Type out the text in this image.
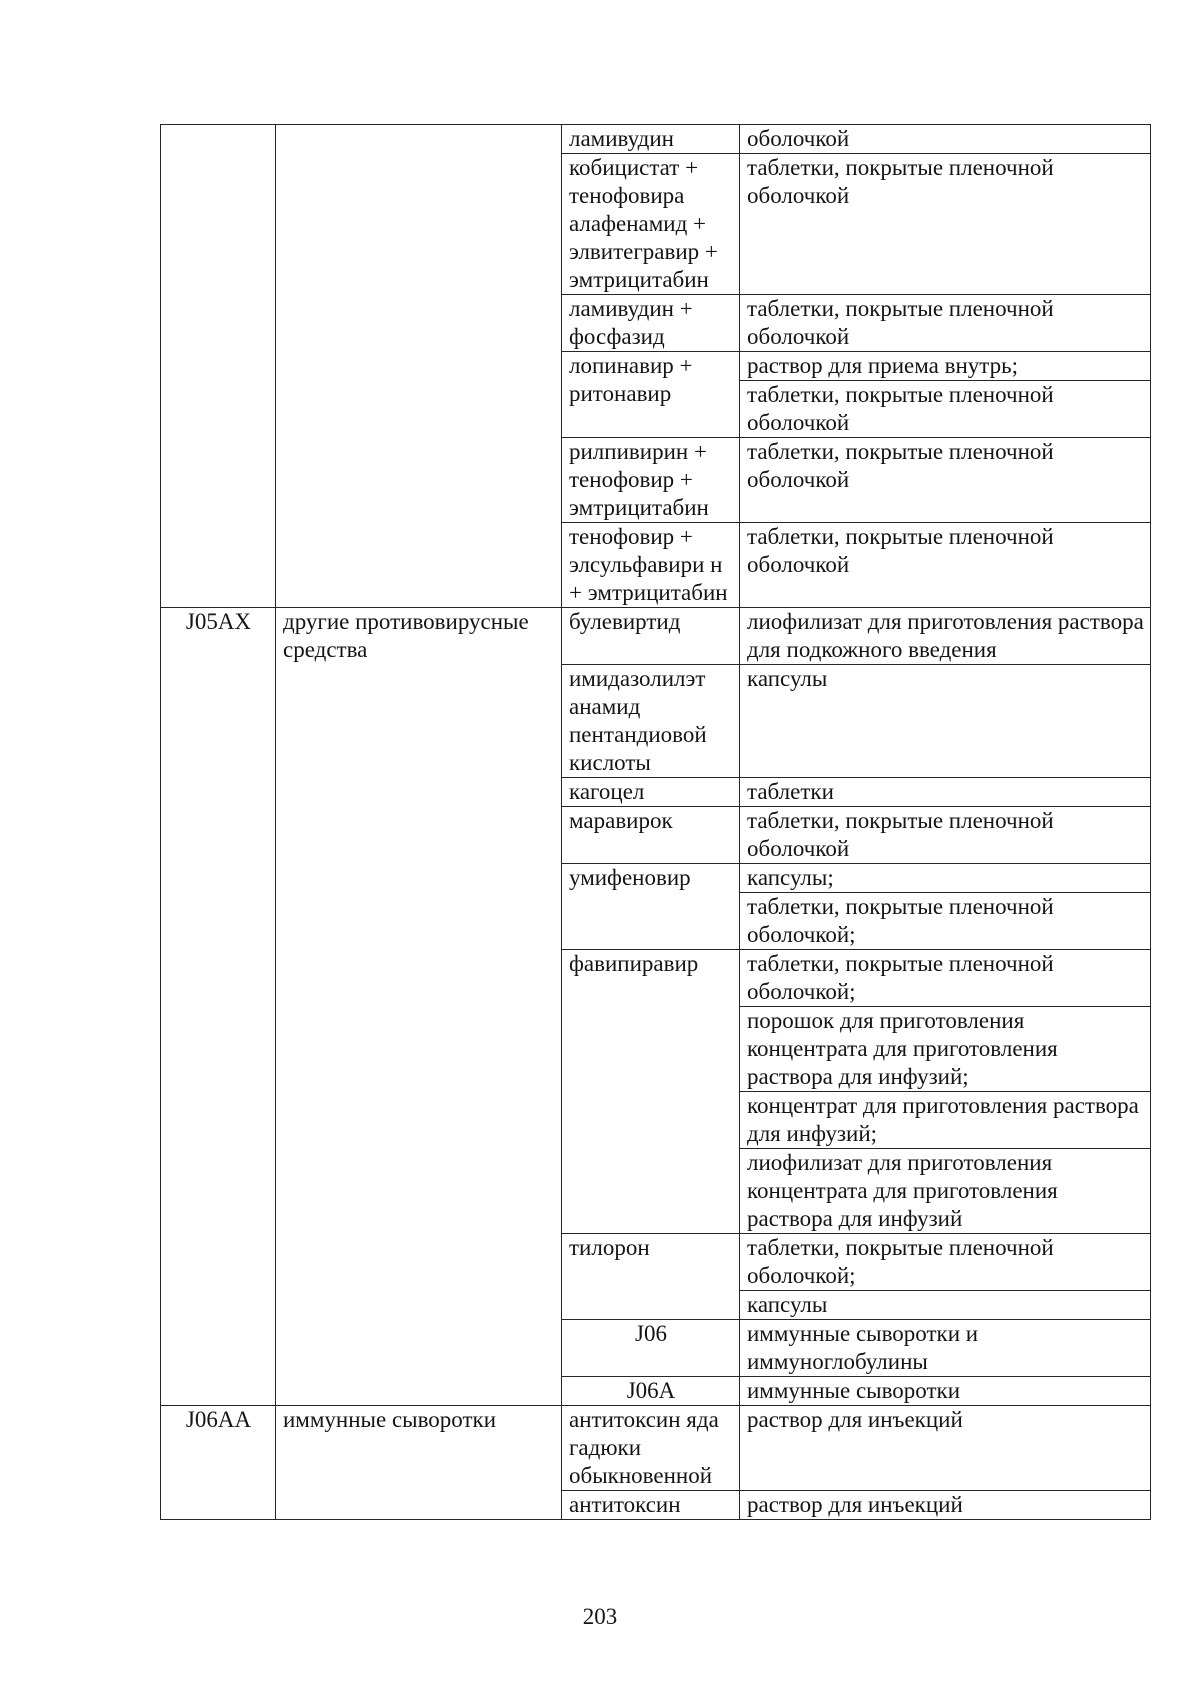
		ламивудин	оболочкой	
		кобицистат + тенофовира алафенамид + элвитегравир + эмтрицитабин	таблетки, покрытые пленочной оболочкой	
		ламивудин + фосфазид	таблетки, покрытые пленочной оболочкой	
		лопинавир + ритонавир	раствор для приема внутрь;	
			таблетки, покрытые пленочной оболочкой	
		рилпивирин + тенофовир + эмтрицитабин	таблетки, покрытые пленочной оболочкой	
		тенофовир + элсульфавири н + эмтрицитабин	таблетки, покрытые пленочной оболочкой	
J05AX	другие противовирусные средства	булевиртид	лиофилизат для приготовления раствора для подкожного введения	
		имидазолилэт анамид пентандиовой кислоты	капсулы	
		кагоцел	таблетки	
		маравирок	таблетки, покрытые пленочной оболочкой	
		умифеновир	капсулы;	
			таблетки, покрытые пленочной оболочкой;	
		фавипиравир	таблетки, покрытые пленочной оболочкой;	
			порошок для приготовления концентрата для приготовления раствора для инфузий;	
			концентрат для приготовления раствора для инфузий;	
			лиофилизат для приготовления концентрата для приготовления раствора для инфузий	
		тилорон	таблетки, покрытые пленочной оболочкой;	
			капсулы	
		J06	иммунные сыворотки и иммуноглобулины		
		J06A	иммунные сыворотки		
J06AA	иммунные сыворотки	антитоксин яда гадюки обыкновенной	раствор для инъекций	
		антитоксин	раствор для инъекций	
203
